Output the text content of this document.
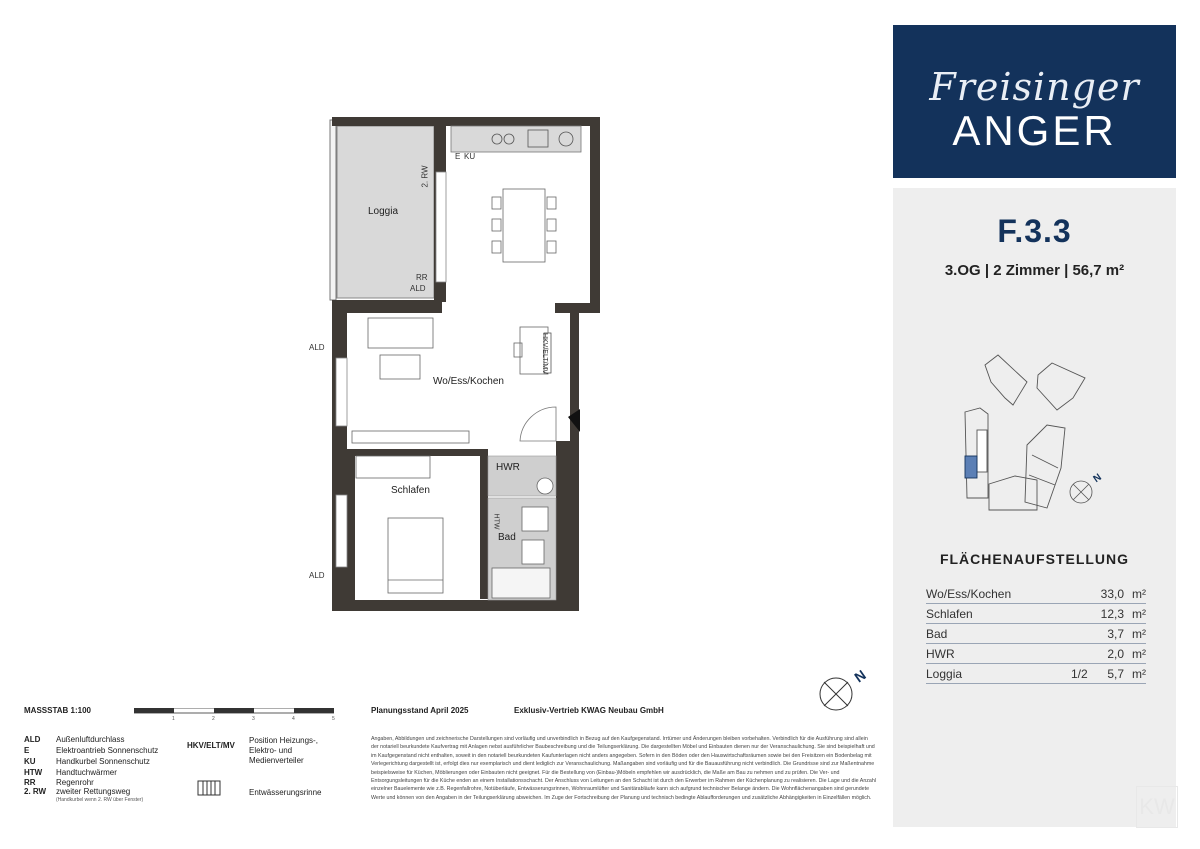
Loggia
Wo/Ess/Kochen
Schlafen
HWR
Bad
2. RW
E KU
RR
ALD
ALD
ALD
HKV/ELT/MV
HTW
N
Freisinger
ANGER
F.3.3
3.OG | 2 Zimmer | 56,7 m²
N
FLÄCHENAUFSTELLUNG
Wo/Ess/Kochen	33,0 m²
Schlafen	12,3 m²
Bad	3,7 m²
HWR	2,0 m²
Loggia	1/2 5,7 m²
KW
MASSSTAB 1:100
1	2	3	4	5
ALD Außenluftdurchlass
E	Elektroantrieb Sonnenschutz
KU	Handkurbel Sonnenschutz
HTW Handtuchwärmer
RR	Regenrohr
2. RW zweiter Rettungsweg
(Handkurbel wenn 2. RW über Fenster)
HKV/ELT/MV
Position Heizungs-,
Elektro- und
Medienverteiler
Entwässerungsrinne
Planungsstand April 2025	Exklusiv-Vertrieb KWAG Neubau GmbH
Angaben, Abbildungen und zeichnerische Darstellungen sind vorläufig und unverbindlich in Bezug auf den Kaufgegenstand. Irrtümer und Änderungen bleiben vorbehalten. Verbindlich für die Ausführung sind allein der notariell beurkundete Kaufvertrag mit Anlagen nebst ausführlicher Baubeschreibung und die Teilungserklärung. Die dargestellten Möbel und Einbauten dienen nur der Veranschaulichung. Sie sind beispielhaft und im Kaufgegenstand nicht enthalten, soweit in den notariell beurkundeten Kaufunterlagen nicht anders angegeben. Sofern in den Böden oder den Hauswirtschaftsräumen sowie bei den Freisitzen ein Bodenbelag mit Verlegerichtung dargestellt ist, erfolgt dies nur exemplarisch und dient lediglich zur Veranschaulichung. Maßangaben sind vorläufig und für die Bauausführung nicht verbindlich. Die Grundrisse sind zur Maßentnahme beispielsweise für Küchen, Möblierungen oder Einbauten nicht geeignet. Für die Bestellung von (Einbau-)Möbeln empfehlen wir ausdrücklich, die Maße am Bau zu nehmen und zu prüfen. Die Ver- und Entsorgungsleitungen für die Küche enden an einem Installationsschacht. Der Anschluss von Leitungen an den Schacht ist durch den Erwerber im Rahmen der Küchenplanung zu realisieren. Die Lage und die Anzahl einzelner Bauelemente wie z.B. Regenfallrohre, Notüberläufe, Entwässerungsrinnen, Wohnraumlüfter und Sanitärabläufe kann sich aufgrund technischer Belange ändern. Die Wohnflächenangaben sind gerundete Werte und können von den Angaben in der Teilungserklärung abweichen. Im Zuge der Fortschreibung der Planung und technisch bedingte Ablaufforderungen und zusätzliche Abhängigkeiten in Einzelfällen möglich.
